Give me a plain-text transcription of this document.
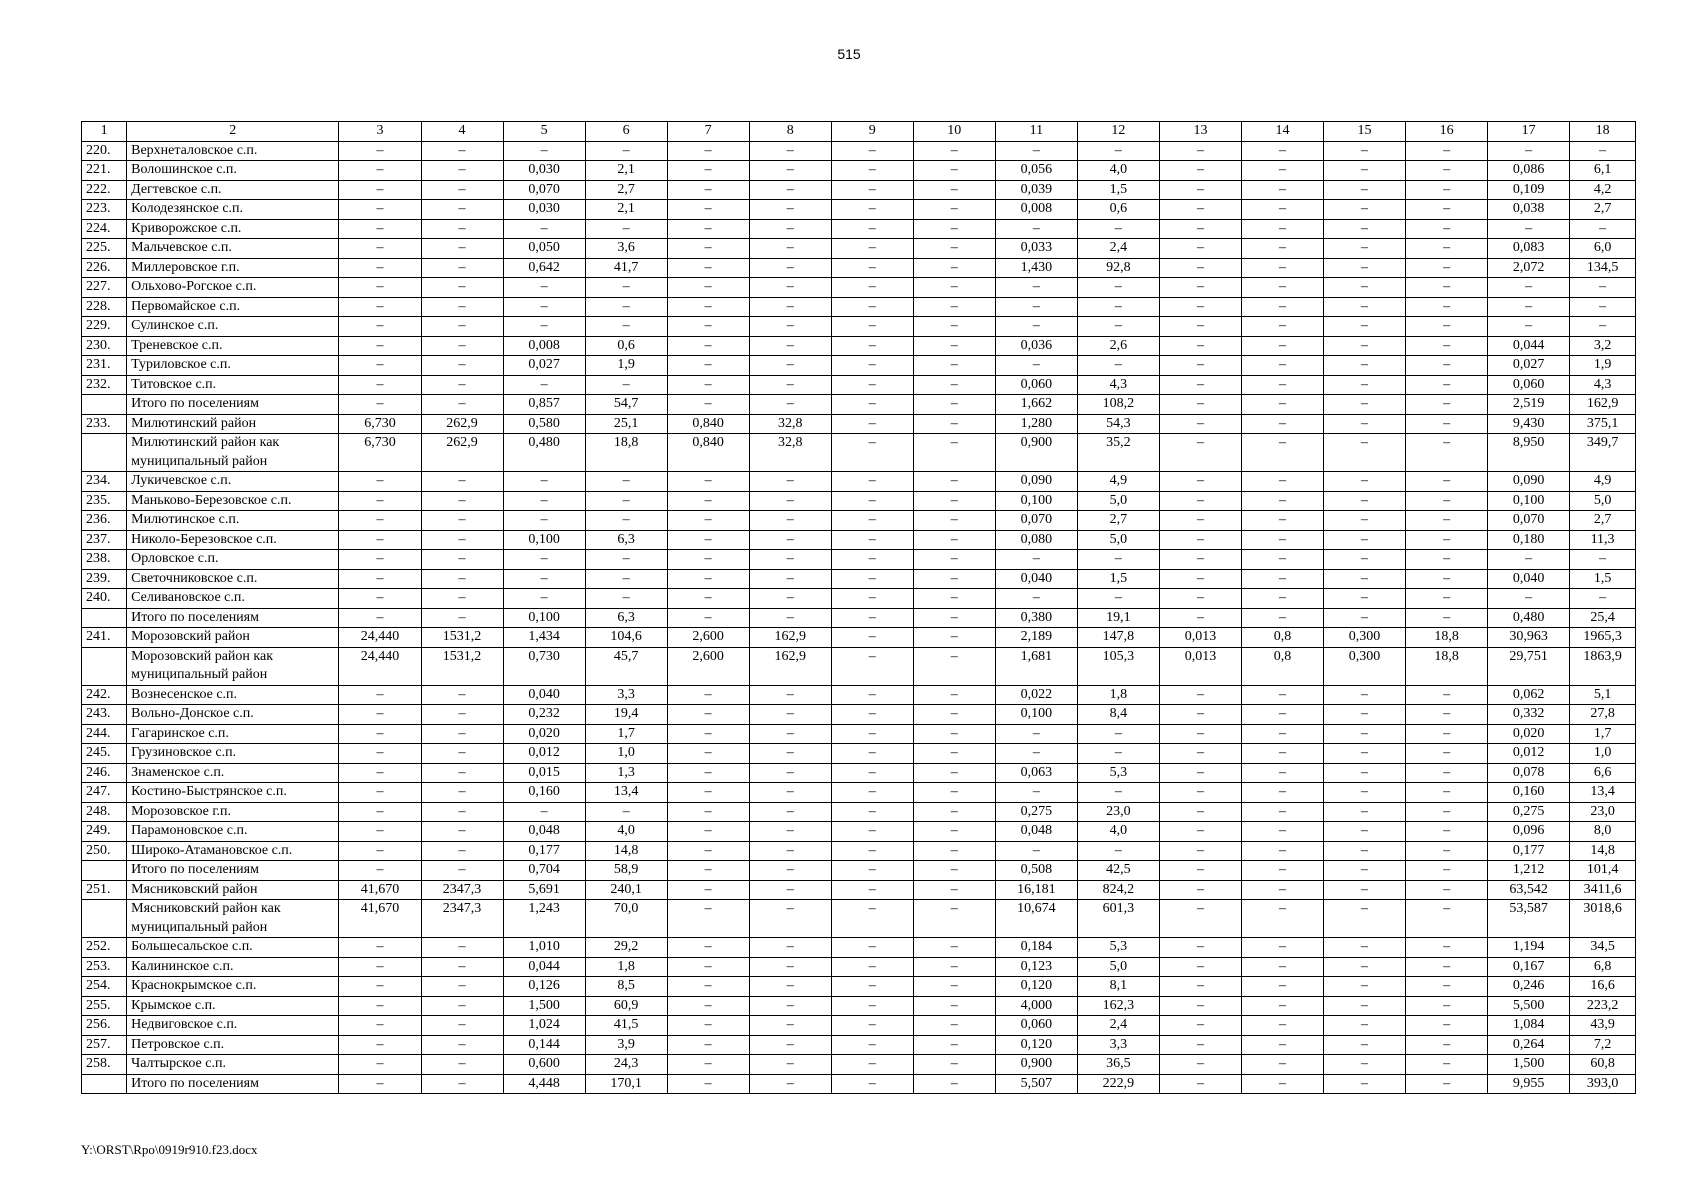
515
1	2	3	4	5	6	7	8	9	10	11	12	13	14	15	16	17	18
220.	Верхнеталовское с.п.	–	–	–	–	–	–	–	–	–	–	–	–	–	–	–	–
221.	Волошинское с.п.	–	–	0,030	2,1	–	–	–	–	0,056	4,0	–	–	–	–	0,086	6,1
222.	Дегтевское с.п.	–	–	0,070	2,7	–	–	–	–	0,039	1,5	–	–	–	–	0,109	4,2
223.	Колодезянское с.п.	–	–	0,030	2,1	–	–	–	–	0,008	0,6	–	–	–	–	0,038	2,7
224.	Криворожское с.п.	–	–	–	–	–	–	–	–	–	–	–	–	–	–	–	–
225.	Мальчевское с.п.	–	–	0,050	3,6	–	–	–	–	0,033	2,4	–	–	–	–	0,083	6,0
226.	Миллеровское г.п.	–	–	0,642	41,7	–	–	–	–	1,430	92,8	–	–	–	–	2,072	134,5
227.	Ольхово-Рогское с.п.	–	–	–	–	–	–	–	–	–	–	–	–	–	–	–	–
228.	Первомайское с.п.	–	–	–	–	–	–	–	–	–	–	–	–	–	–	–	–
229.	Сулинское с.п.	–	–	–	–	–	–	–	–	–	–	–	–	–	–	–	–
230.	Треневское с.п.	–	–	0,008	0,6	–	–	–	–	0,036	2,6	–	–	–	–	0,044	3,2
231.	Туриловское с.п.	–	–	0,027	1,9	–	–	–	–	–	–	–	–	–	–	0,027	1,9
232.	Титовское с.п.	–	–	–	–	–	–	–	–	0,060	4,3	–	–	–	–	0,060	4,3
	Итого по поселениям	–	–	0,857	54,7	–	–	–	–	1,662	108,2	–	–	–	–	2,519	162,9
233.	Милютинский район	6,730	262,9	0,580	25,1	0,840	32,8	–	–	1,280	54,3	–	–	–	–	9,430	375,1
	Милютинский район как муниципальный район	6,730	262,9	0,480	18,8	0,840	32,8	–	–	0,900	35,2	–	–	–	–	8,950	349,7
234.	Лукичевское с.п.	–	–	–	–	–	–	–	–	0,090	4,9	–	–	–	–	0,090	4,9
235.	Маньково-Березовское с.п.	–	–	–	–	–	–	–	–	0,100	5,0	–	–	–	–	0,100	5,0
236.	Милютинское с.п.	–	–	–	–	–	–	–	–	0,070	2,7	–	–	–	–	0,070	2,7
237.	Николо-Березовское с.п.	–	–	0,100	6,3	–	–	–	–	0,080	5,0	–	–	–	–	0,180	11,3
238.	Орловское с.п.	–	–	–	–	–	–	–	–	–	–	–	–	–	–	–	–
239.	Светочниковское с.п.	–	–	–	–	–	–	–	–	0,040	1,5	–	–	–	–	0,040	1,5
240.	Селивановское с.п.	–	–	–	–	–	–	–	–	–	–	–	–	–	–	–	–
	Итого по поселениям	–	–	0,100	6,3	–	–	–	–	0,380	19,1	–	–	–	–	0,480	25,4
241.	Морозовский район	24,440	1531,2	1,434	104,6	2,600	162,9	–	–	2,189	147,8	0,013	0,8	0,300	18,8	30,963	1965,3
	Морозовский район как муниципальный район	24,440	1531,2	0,730	45,7	2,600	162,9	–	–	1,681	105,3	0,013	0,8	0,300	18,8	29,751	1863,9
242.	Вознесенское с.п.	–	–	0,040	3,3	–	–	–	–	0,022	1,8	–	–	–	–	0,062	5,1
243.	Вольно-Донское с.п.	–	–	0,232	19,4	–	–	–	–	0,100	8,4	–	–	–	–	0,332	27,8
244.	Гагаринское с.п.	–	–	0,020	1,7	–	–	–	–	–	–	–	–	–	–	0,020	1,7
245.	Грузиновское с.п.	–	–	0,012	1,0	–	–	–	–	–	–	–	–	–	–	0,012	1,0
246.	Знаменское с.п.	–	–	0,015	1,3	–	–	–	–	0,063	5,3	–	–	–	–	0,078	6,6
247.	Костино-Быстрянское с.п.	–	–	0,160	13,4	–	–	–	–	–	–	–	–	–	–	0,160	13,4
248.	Морозовское г.п.	–	–	–	–	–	–	–	–	0,275	23,0	–	–	–	–	0,275	23,0
249.	Парамоновское с.п.	–	–	0,048	4,0	–	–	–	–	0,048	4,0	–	–	–	–	0,096	8,0
250.	Широко-Атамановское с.п.	–	–	0,177	14,8	–	–	–	–	–	–	–	–	–	–	0,177	14,8
	Итого по поселениям	–	–	0,704	58,9	–	–	–	–	0,508	42,5	–	–	–	–	1,212	101,4
251.	Мясниковский район	41,670	2347,3	5,691	240,1	–	–	–	–	16,181	824,2	–	–	–	–	63,542	3411,6
	Мясниковский район как муниципальный район	41,670	2347,3	1,243	70,0	–	–	–	–	10,674	601,3	–	–	–	–	53,587	3018,6
252.	Большесальское с.п.	–	–	1,010	29,2	–	–	–	–	0,184	5,3	–	–	–	–	1,194	34,5
253.	Калининское с.п.	–	–	0,044	1,8	–	–	–	–	0,123	5,0	–	–	–	–	0,167	6,8
254.	Краснокрымское с.п.	–	–	0,126	8,5	–	–	–	–	0,120	8,1	–	–	–	–	0,246	16,6
255.	Крымское с.п.	–	–	1,500	60,9	–	–	–	–	4,000	162,3	–	–	–	–	5,500	223,2
256.	Недвиговское с.п.	–	–	1,024	41,5	–	–	–	–	0,060	2,4	–	–	–	–	1,084	43,9
257.	Петровское с.п.	–	–	0,144	3,9	–	–	–	–	0,120	3,3	–	–	–	–	0,264	7,2
258.	Чалтырское с.п.	–	–	0,600	24,3	–	–	–	–	0,900	36,5	–	–	–	–	1,500	60,8
	Итого по поселениям	–	–	4,448	170,1	–	–	–	–	5,507	222,9	–	–	–	–	9,955	393,0
Y:\ORST\Rpo\0919r910.f23.docx
